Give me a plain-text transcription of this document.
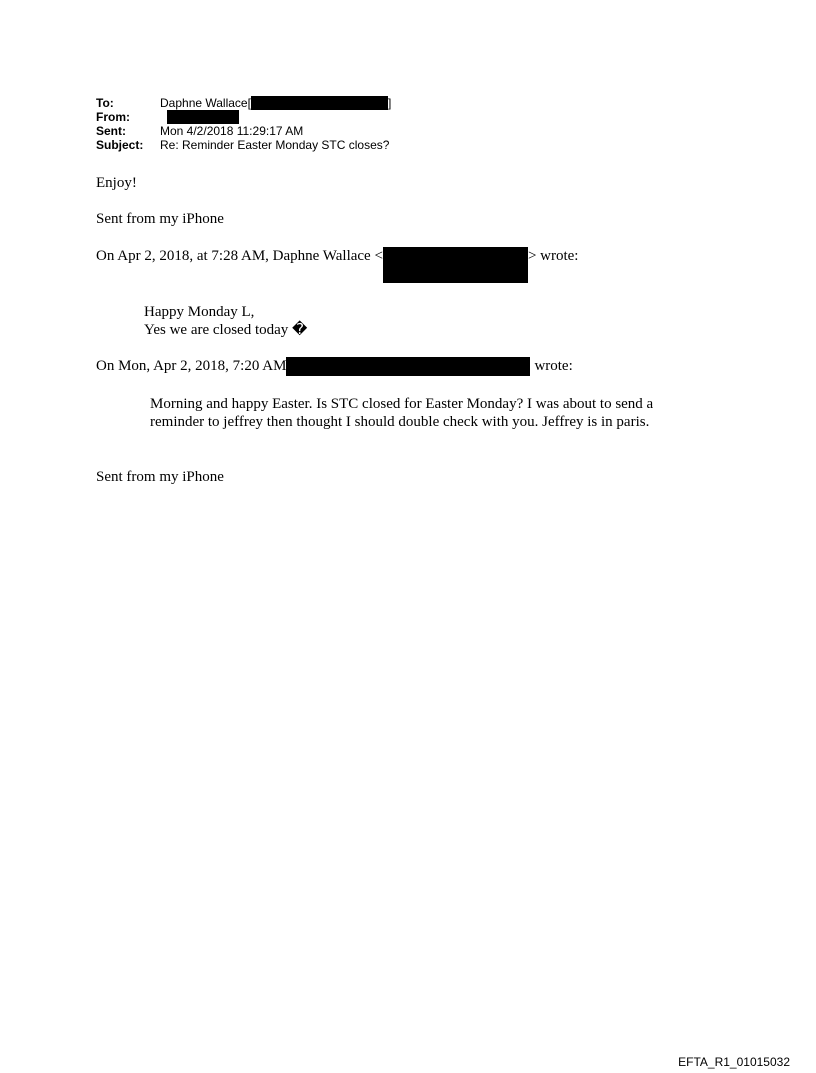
To:	Daphne Wallace[	]
From:
Sent:	Mon 4/2/2018 11:29:17 AM
Subject: Re: Reminder Easter Monday STC closes?
Enjoy!
Sent from my iPhone
On Apr 2, 2018, at 7:28 AM, Daphne Wallace <	> wrote:
Happy Monday L,
Yes we are closed today �
On Mon, Apr 2, 2018, 7:20 AM	wrote:
Morning and happy Easter. Is STC closed for Easter Monday? I was about to send a reminder to jeffrey then thought I should double check with you. Jeffrey is in paris.
Sent from my iPhone
EFTA_R1_01015032
